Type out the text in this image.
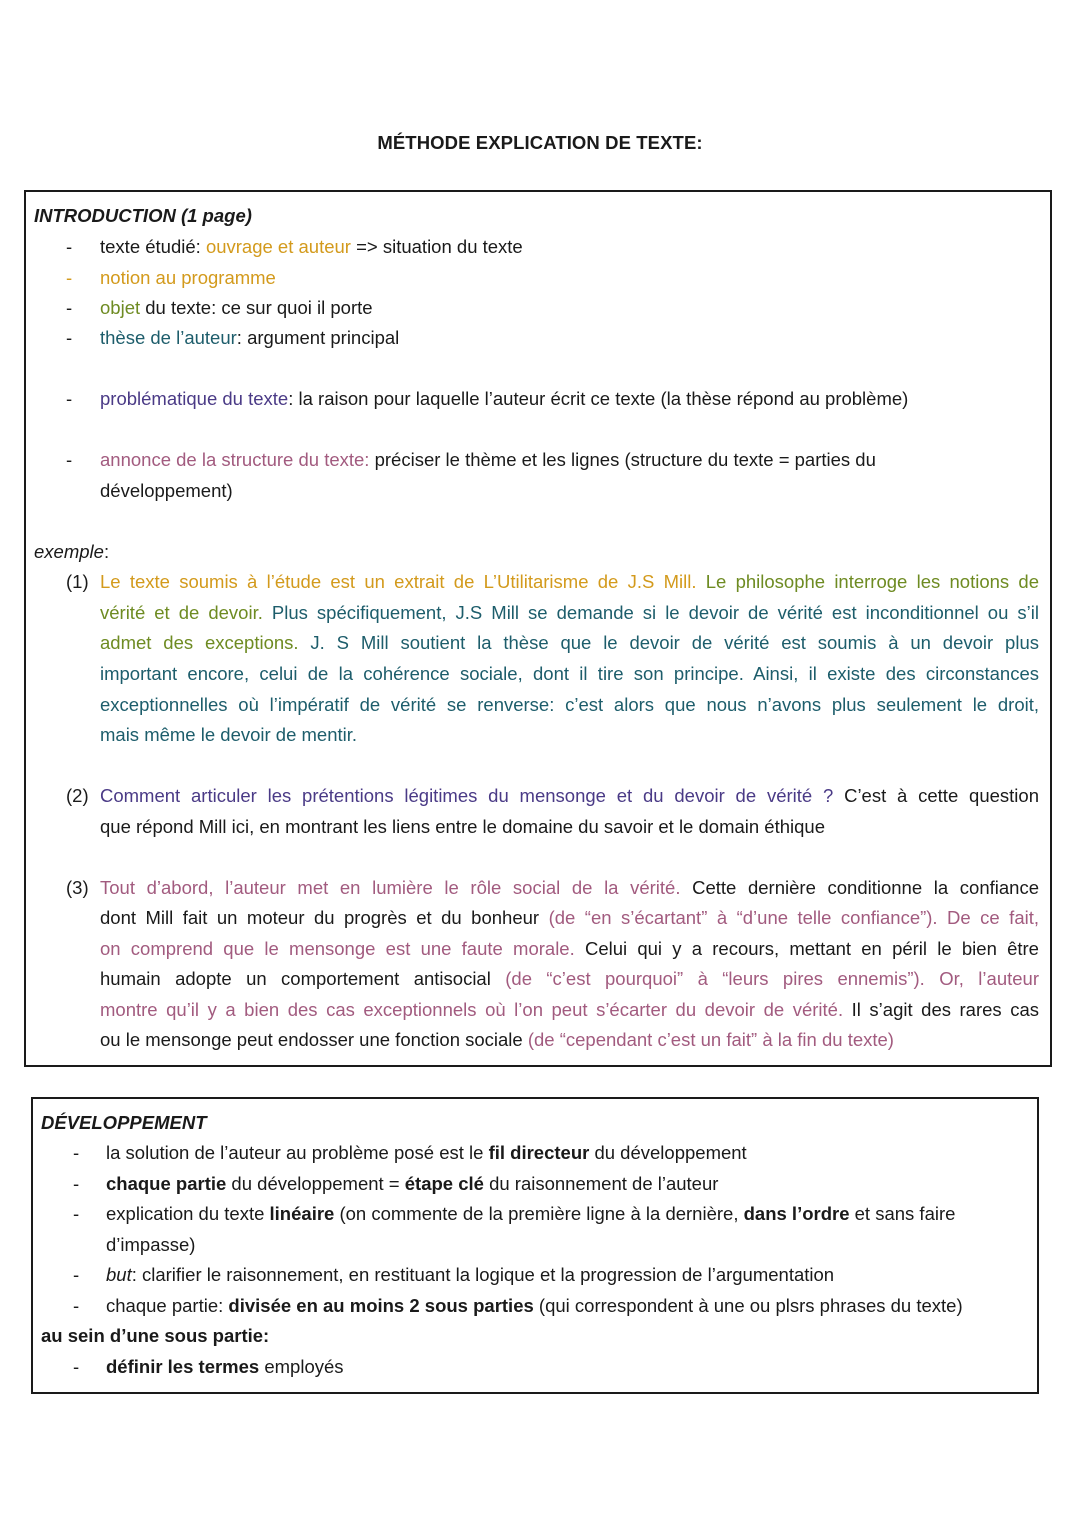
MÉTHODE EXPLICATION DE TEXTE:
INTRODUCTION (1 page)
- texte étudié: ouvrage et auteur => situation du texte
- notion au programme
- objet du texte: ce sur quoi il porte
- thèse de l’auteur: argument principal
- problématique du texte: la raison pour laquelle l’auteur écrit ce texte (la thèse répond au problème)
- annonce de la structure du texte: préciser le thème et les lignes (structure du texte = parties du
développement)
exemple:
(1) Le texte soumis à l’étude est un extrait de L’Utilitarisme de J.S Mill. Le philosophe interroge les notions de
vérité et de devoir. Plus spécifiquement, J.S Mill se demande si le devoir de vérité est inconditionnel ou s’il
admet des exceptions. J. S Mill soutient la thèse que le devoir de vérité est soumis à un devoir plus
important encore, celui de la cohérence sociale, dont il tire son principe. Ainsi, il existe des circonstances
exceptionnelles où l’impératif de vérité se renverse: c’est alors que nous n’avons plus seulement le droit,
mais même le devoir de mentir.
(2) Comment articuler les prétentions légitimes du mensonge et du devoir de vérité ? C’est à cette question
que répond Mill ici, en montrant les liens entre le domaine du savoir et le domain éthique
(3) Tout d’abord, l’auteur met en lumière le rôle social de la vérité. Cette dernière conditionne la confiance
dont Mill fait un moteur du progrès et du bonheur (de “en s’écartant” à “d’une telle confiance”). De ce fait,
on comprend que le mensonge est une faute morale. Celui qui y a recours, mettant en péril le bien être
humain adopte un comportement antisocial (de “c’est pourquoi” à “leurs pires ennemis”). Or, l’auteur
montre qu’il y a bien des cas exceptionnels où l’on peut s’écarter du devoir de vérité. Il s’agit des rares cas
ou le mensonge peut endosser une fonction sociale (de “cependant c’est un fait” à la fin du texte)
DÉVELOPPEMENT
- la solution de l’auteur au problème posé est le fil directeur du développement
- chaque partie du développement = étape clé du raisonnement de l’auteur
- explication du texte linéaire (on commente de la première ligne à la dernière, dans l’ordre et sans faire
d’impasse)
- but: clarifier le raisonnement, en restituant la logique et la progression de l’argumentation
- chaque partie: divisée en au moins 2 sous parties (qui correspondent à une ou plsrs phrases du texte)
au sein d’une sous partie:
- définir les termes employés
